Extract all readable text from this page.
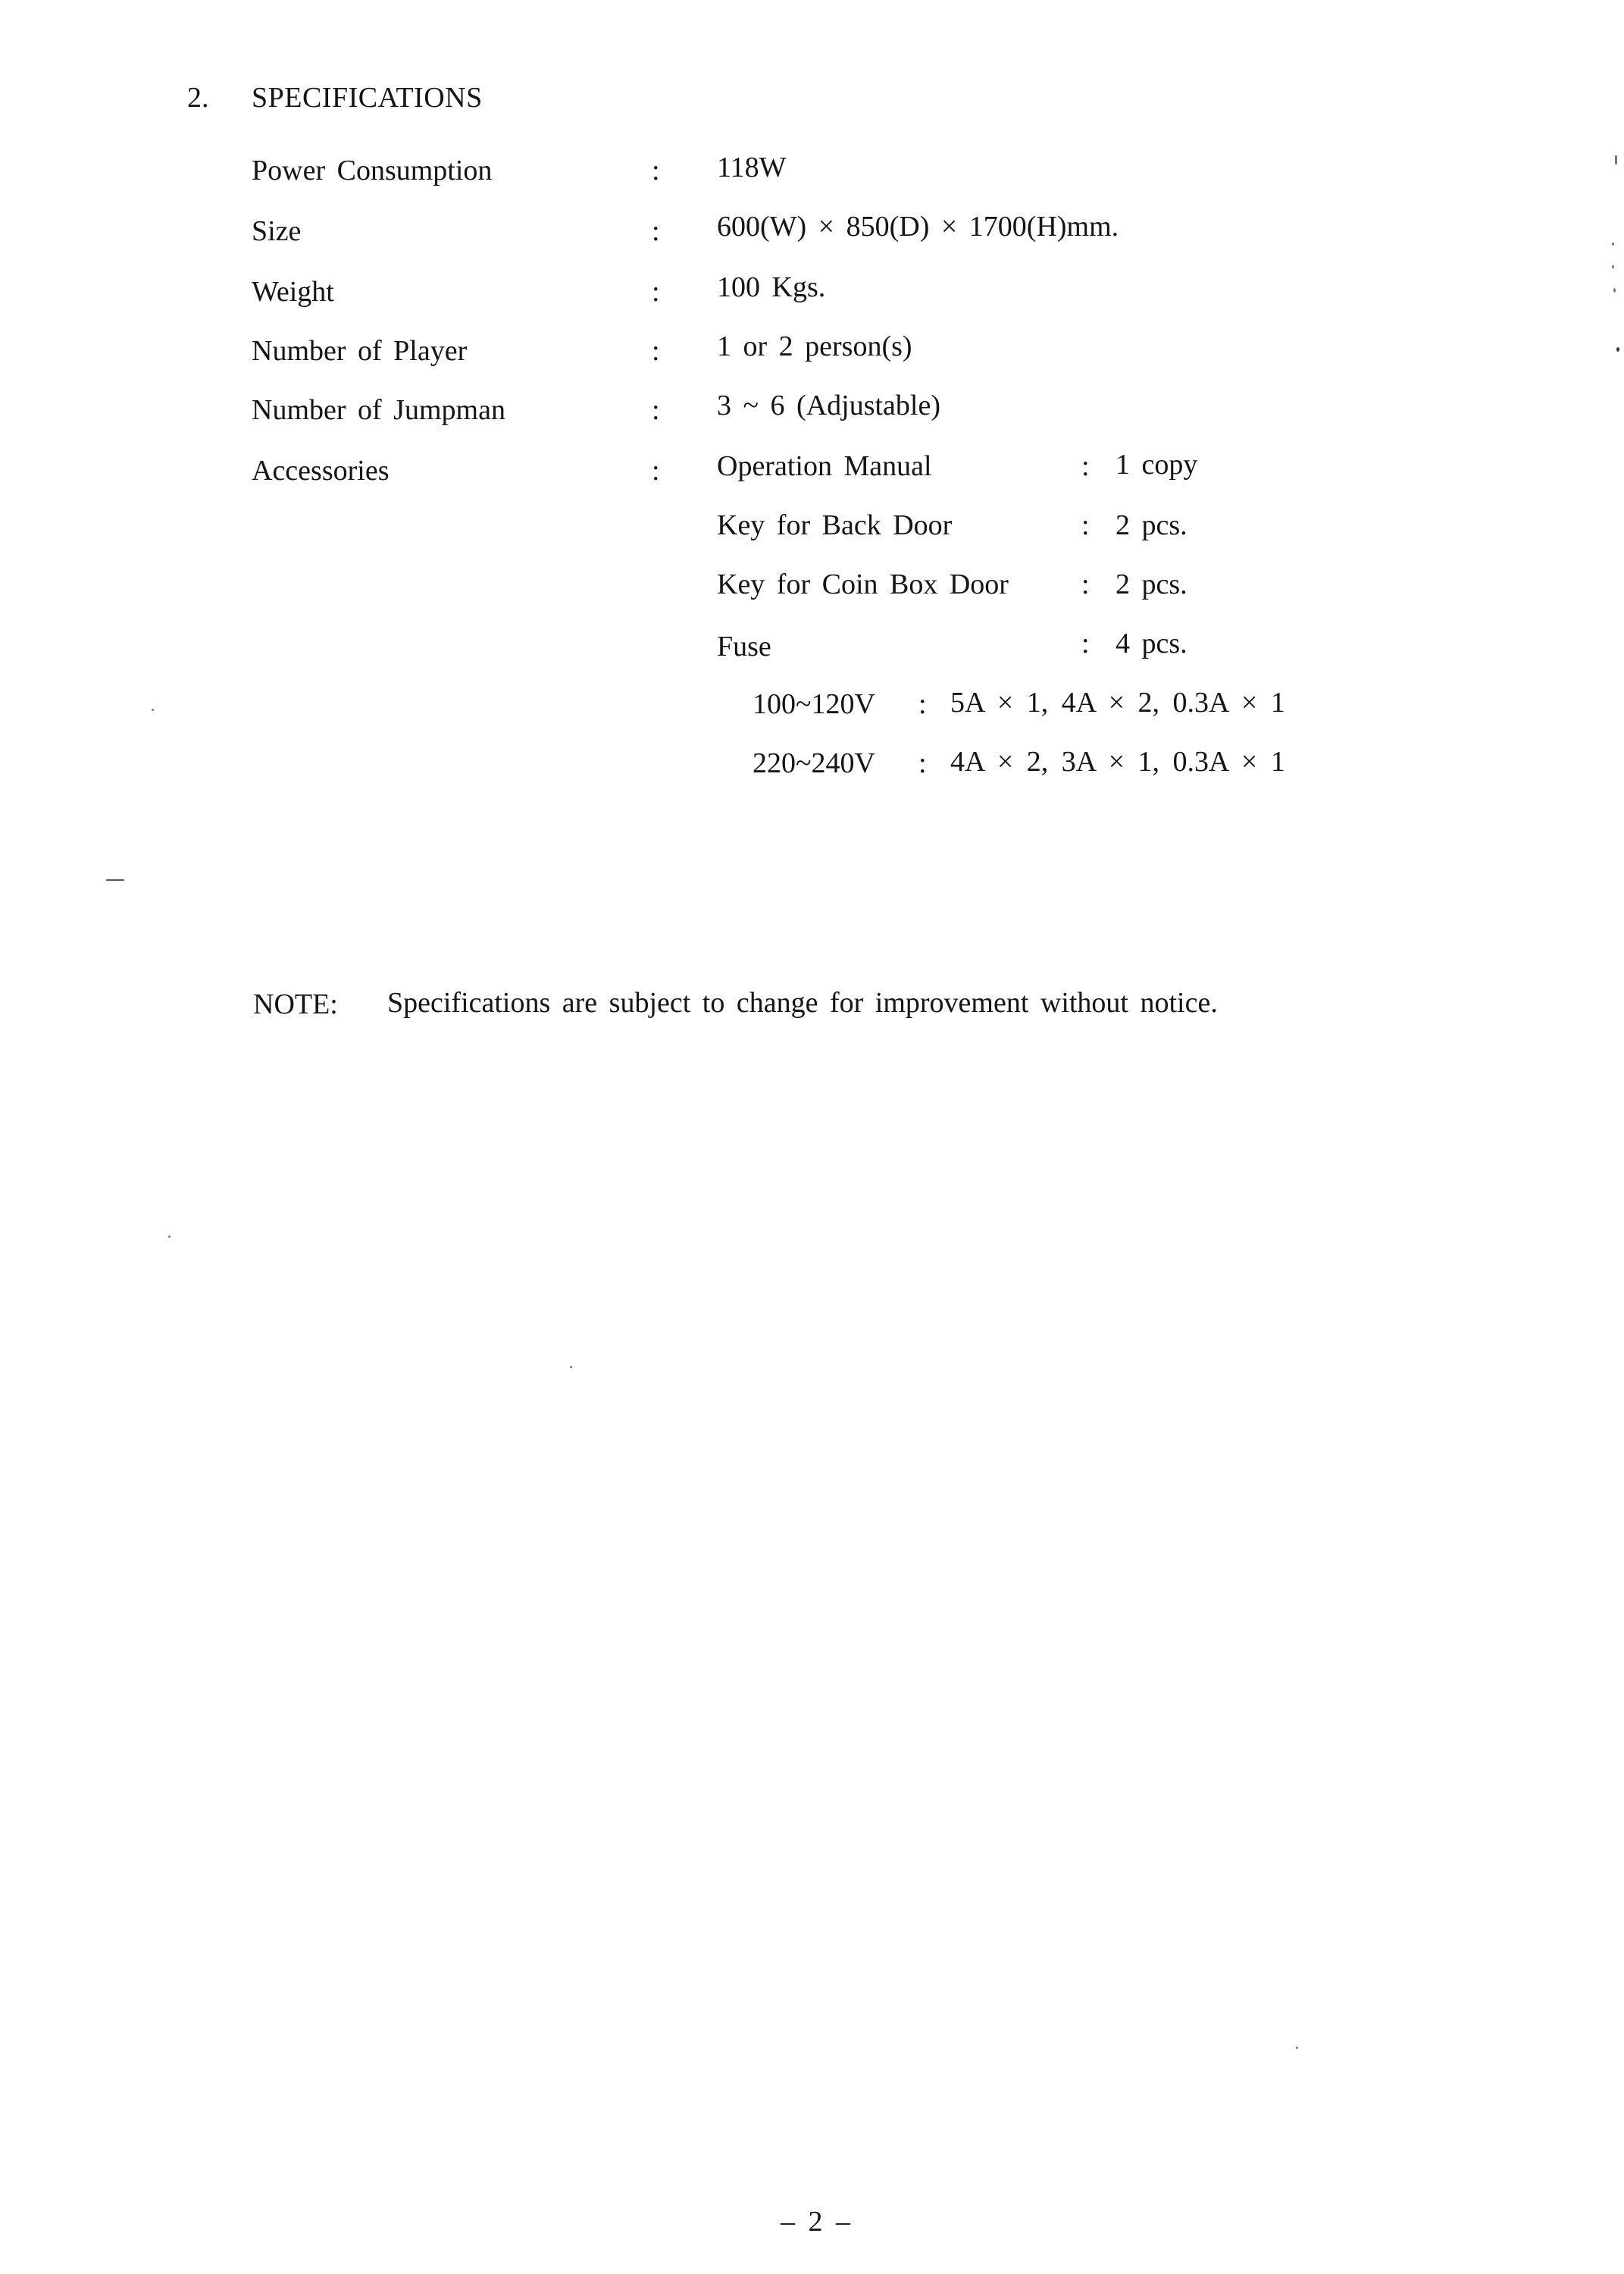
2. SPECIFICATIONS
Power Consumption	: 118W
Size	: 600(W) × 850(D) × 1700(H)mm.
Weight	: 100 Kgs.
Number of Player	: 1 or 2 person(s)
Number of Jumpman	: 3 ~ 6 (Adjustable)
Accessories	: Operation Manual	: 1 copy
Key for Back Door	: 2 pcs.
Key for Coin Box Door	: 2 pcs.
Fuse	: 4 pcs.
100~120V : 5A × 1, 4A × 2, 0.3A × 1
220~240V : 4A × 2, 3A × 1, 0.3A × 1
NOTE: Specifications are subject to change for improvement without notice.
– 2 –
